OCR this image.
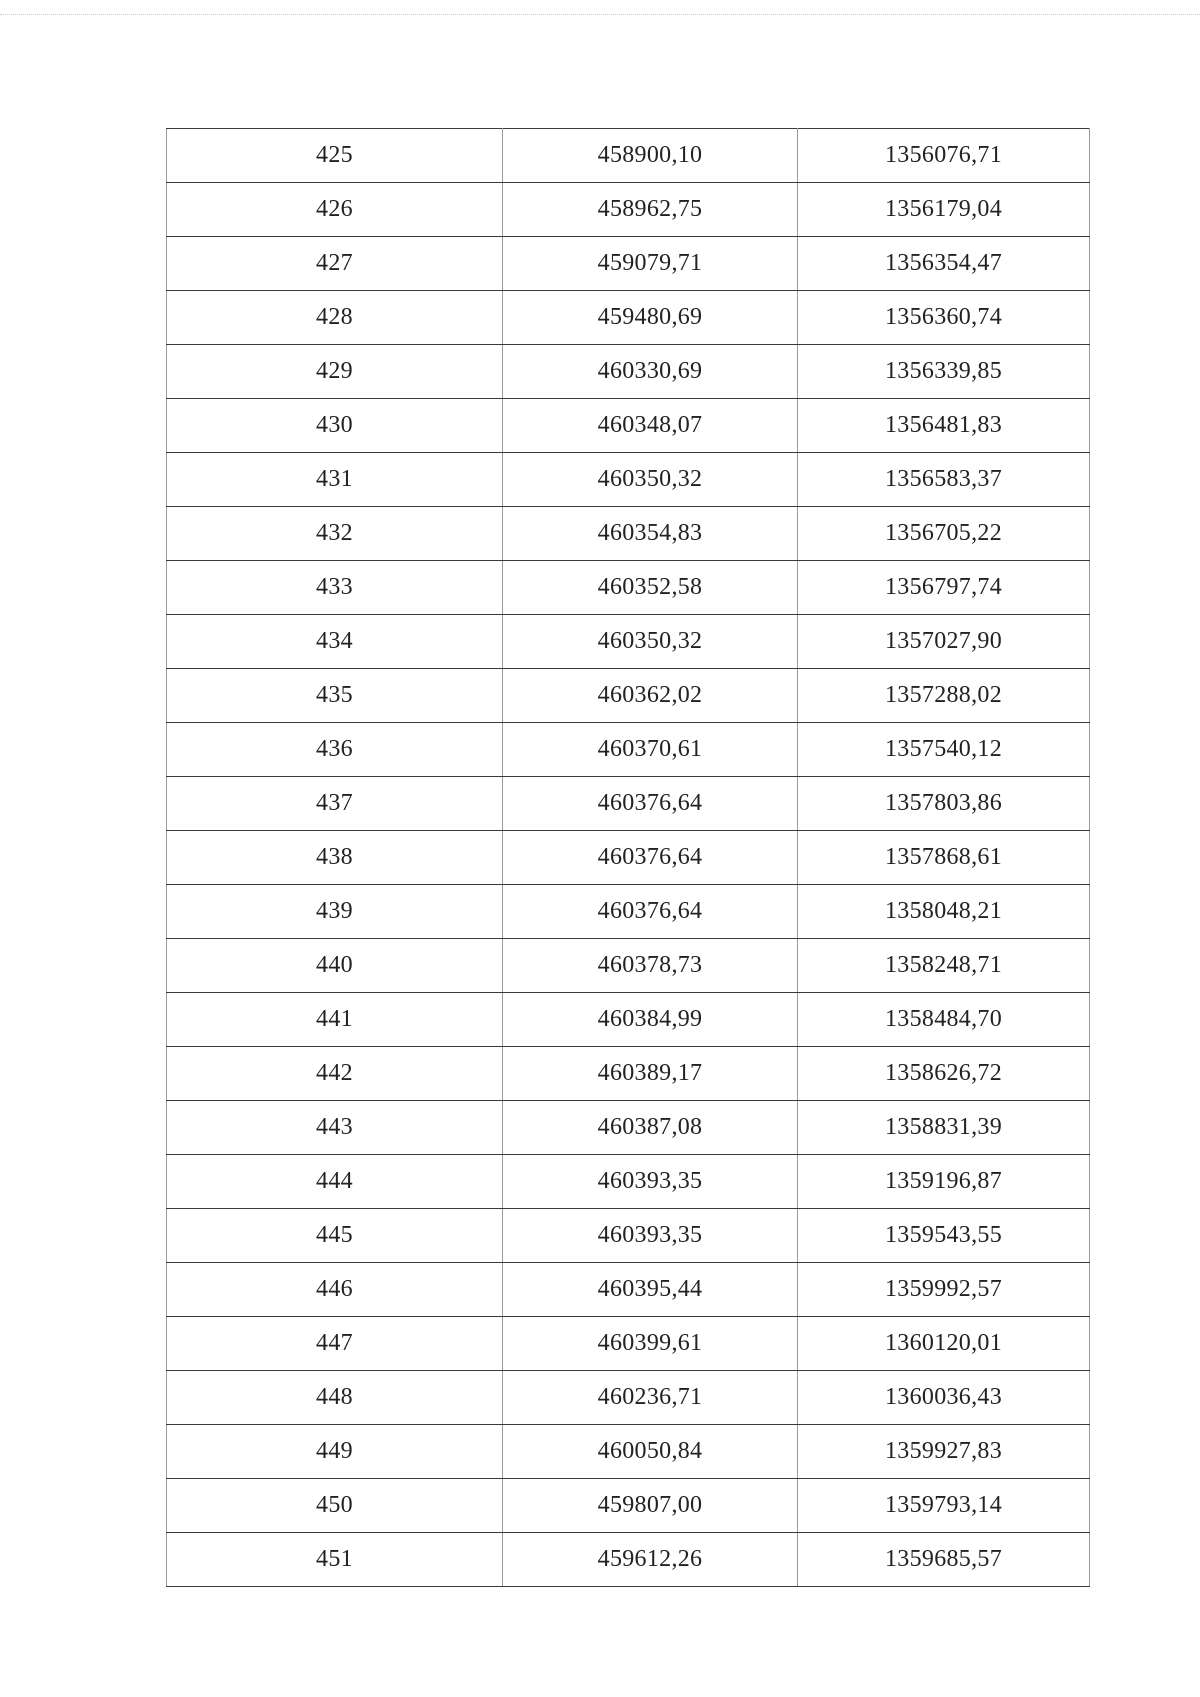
425	458900,10	1356076,71
426	458962,75	1356179,04
427	459079,71	1356354,47
428	459480,69	1356360,74
429	460330,69	1356339,85
430	460348,07	1356481,83
431	460350,32	1356583,37
432	460354,83	1356705,22
433	460352,58	1356797,74
434	460350,32	1357027,90
435	460362,02	1357288,02
436	460370,61	1357540,12
437	460376,64	1357803,86
438	460376,64	1357868,61
439	460376,64	1358048,21
440	460378,73	1358248,71
441	460384,99	1358484,70
442	460389,17	1358626,72
443	460387,08	1358831,39
444	460393,35	1359196,87
445	460393,35	1359543,55
446	460395,44	1359992,57
447	460399,61	1360120,01
448	460236,71	1360036,43
449	460050,84	1359927,83
450	459807,00	1359793,14
451	459612,26	1359685,57
